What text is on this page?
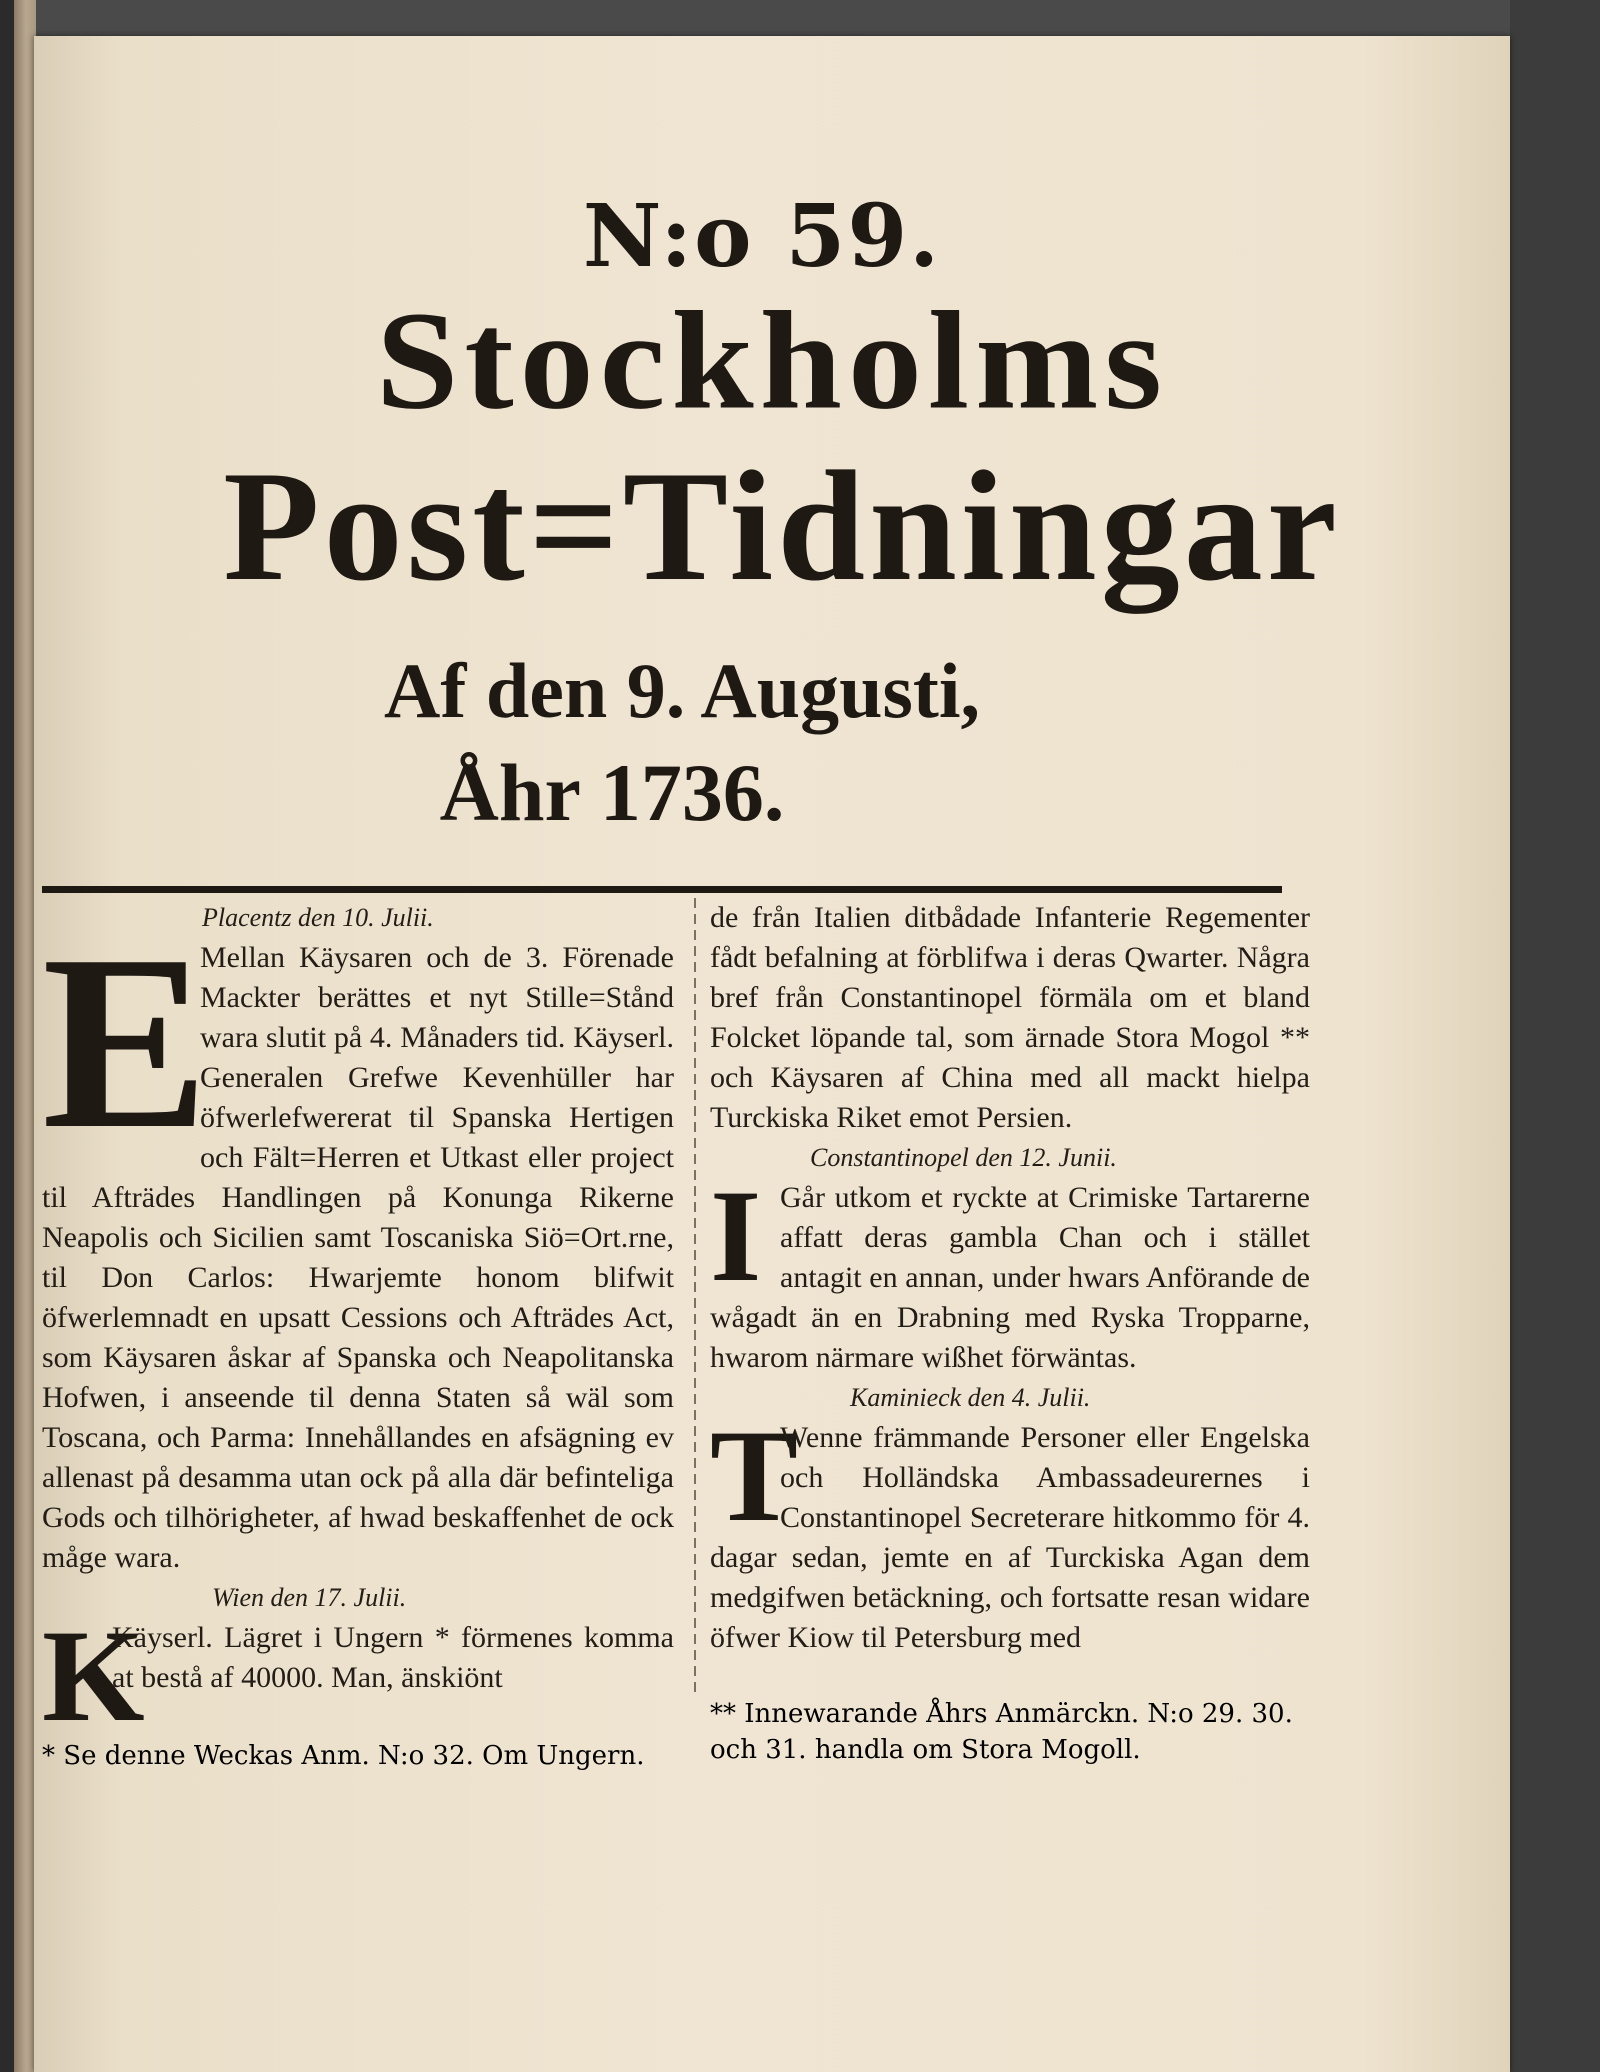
N:o 59.
Stockholms
Post=Tidningar
Af den 9. Augusti,
Åhr 1736.
Placentz den 10. Julii.

E
Mellan Käysaren och de 3. Förenade Mackter berättes et nyt Stille=Stånd wara slutit på 4. Månaders tid. Käyserl. Generalen Grefwe Kevenhüller har öfwerlefwererat til Spanska Hertigen och Fält=Herren et Utkast eller project til Afträdes Handlingen på Konunga Rikerne Neapolis och Sicilien samt Toscaniska Siö=Ort.rne, til Don Carlos: Hwarjemte honom blifwit öfwerlemnadt en upsatt Cessions och Afträdes Act, som Käysaren åskar af Spanska och Neapolitanska Hofwen, i anseende til denna Staten så wäl som Toscana, och Parma: Innehållandes en afsägning ev allenast på desamma utan ock på alla där befinteliga Gods och tilhörigheter, af hwad beskaffenhet de ock måge wara.

Wien den 17. Julii.

K
Käyserl. Lägret i Ungern * förmenes komma at bestå af 40000. Man, änskiönt

de från Italien ditbådade Infanterie Regementer fådt befalning at förblifwa i deras Qwarter. Några bref från Constantinopel förmäla om et bland Folcket löpande tal, som ärnade Stora Mogol ** och Käysaren af China med all mackt hielpa Turckiska Riket emot Persien.

Constantinopel den 12. Junii.

I Går utkom et ryckte at Crimiske Tartarerne affatt deras gambla Chan och i stället antagit en annan, under hwars Anförande de wågadt än en Drabning med Ryska Tropparne, hwarom närmare wißhet förwäntas.

Kaminieck den 4. Julii.

T
Wenne främmande Personer eller Engelska och Holländska Ambassadeurernes i Constantinopel Secreterare hitkommo för 4. dagar sedan, jemte en af Turckiska Agan dem medgifwen betäckning, och fortsatte resan widare öfwer Kiow til Petersburg med

* Se denne Weckas Anm. N:o 32. Om Ungern.

** Innewarande Åhrs Anmärckn. N:o 29. 30. och 31. handla om Stora Mogoll.
